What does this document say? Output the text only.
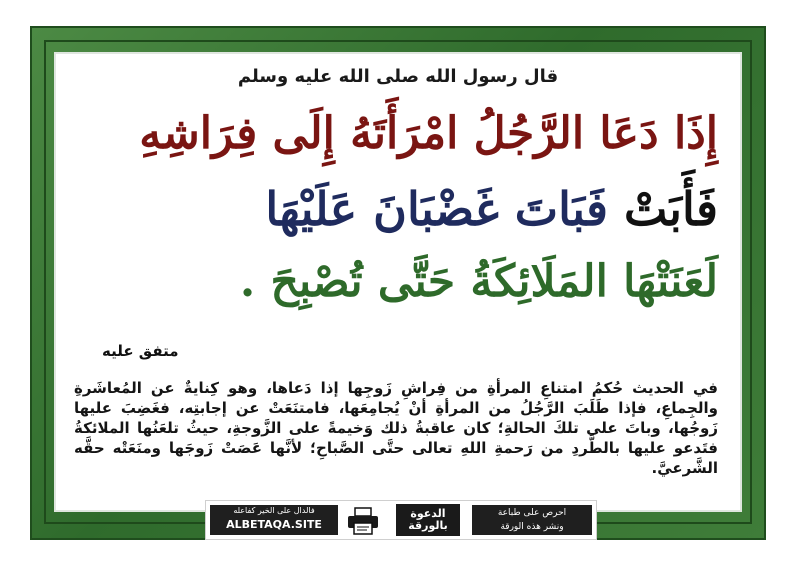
قال رسول الله صلى الله عليه وسلم
إِذَا دَعَا الرَّجُلُ امْرَأَتَهُ إِلَى فِرَاشِهِ
فَأَبَتْ فَبَاتَ غَضْبَانَ عَلَيْهَا
لَعَنَتْهَا المَلَائِكَةُ حَتَّى تُصْبِحَ .
متفق عليه
في الحديث حُكمُ امتناعِ المرأةِ من فِراشِ زَوجِها إذا دَعاها، وهو كِنايةٌ عن المُعاشَرةِ والجِماعِ، فإذا طَلَبَ الرَّجُلُ من المرأةِ أنْ يُجامِعَها، فامتنَعَتْ عن إجابتِه، فغَضِبَ عليها زَوجُها، وباتَ على تلكَ الحالةِ؛ كان عاقبةُ ذلك وَخيمةً على الزَّوجةِ، حيثُ تلعَنُها الملائكةُ فتَدعو عليها بالطَّردِ من رَحمةِ اللهِ تعالى حتَّى الصَّباحِ؛ لأنَّها عَصَتْ زَوجَها ومنَعَتْه حقَّه الشَّرعيَّ.
فالدال على الخير كفاعله
ALBETAQA.SITE
الدعوة بالورقة
احرص على طباعة
ونشر هذه الورقة
